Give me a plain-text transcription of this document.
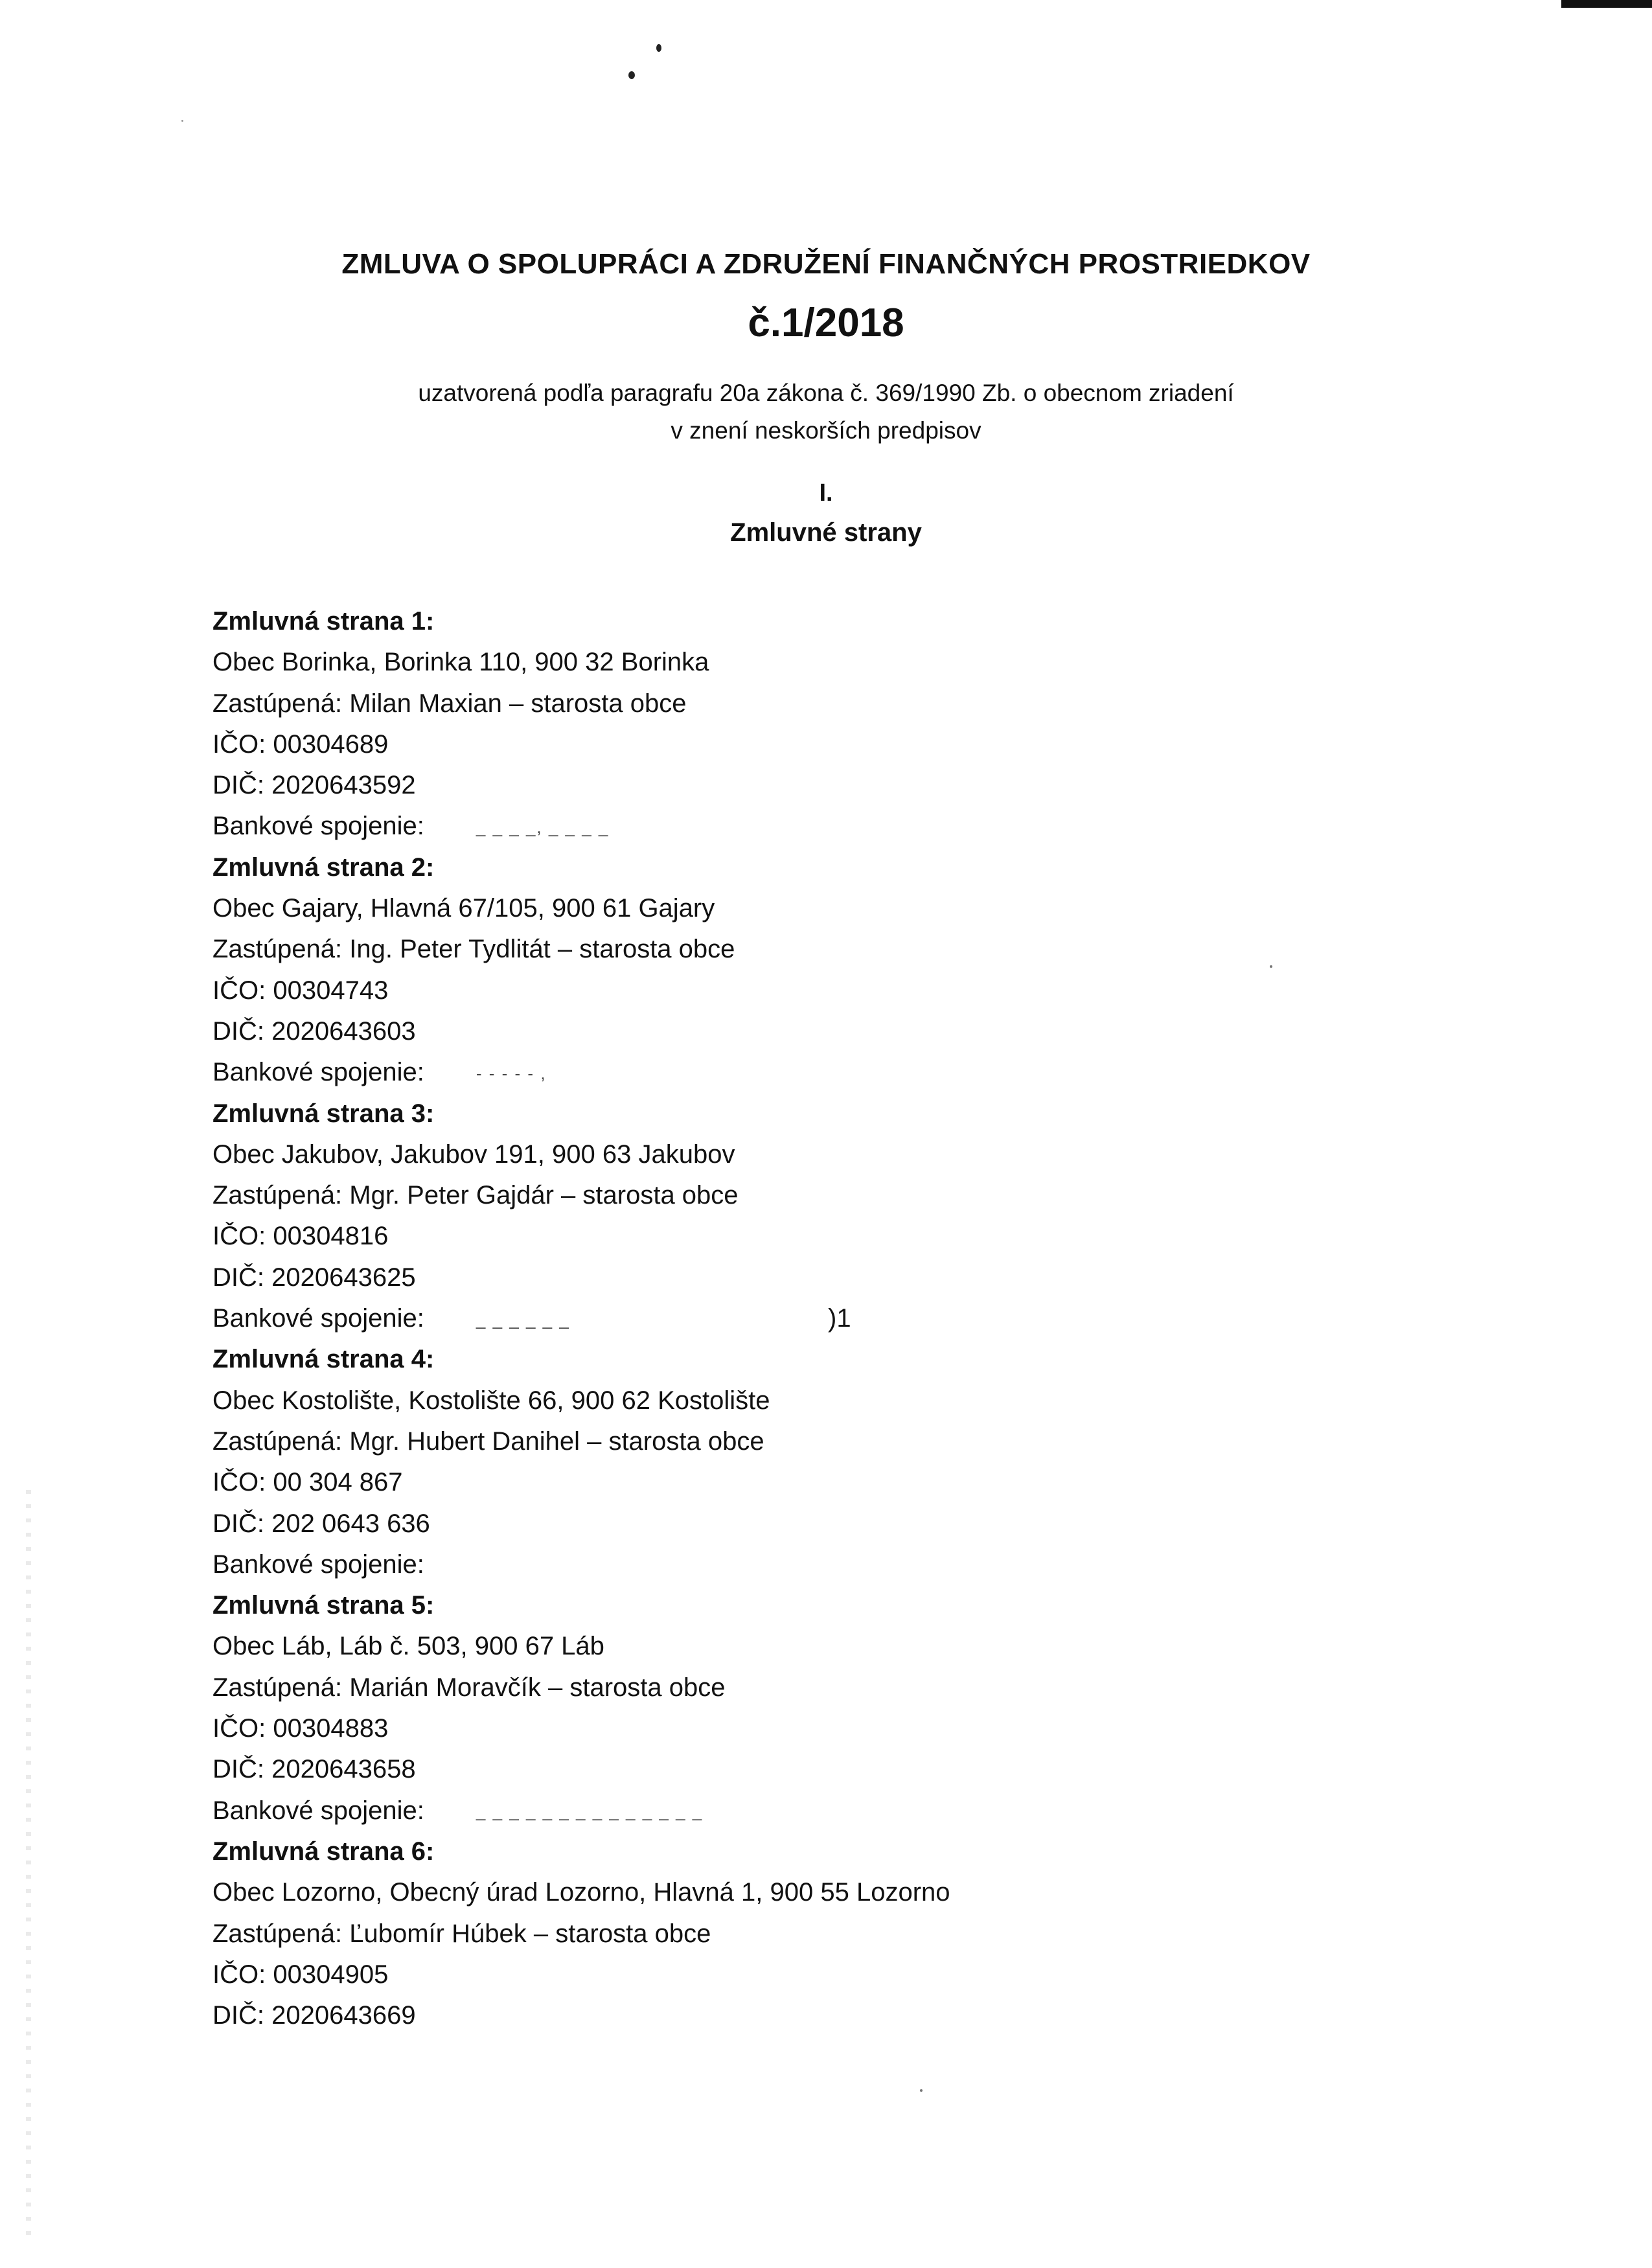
ZMLUVA O SPOLUPRÁCI A ZDRUŽENÍ FINANČNÝCH PROSTRIEDKOV
č.1/2018
uzatvorená podľa paragrafu 20a zákona č. 369/1990 Zb. o obecnom zriadení
v znení neskorších predpisov
I.
Zmluvné strany
Zmluvná strana 1:
Obec Borinka, Borinka 110, 900 32 Borinka
Zastúpená: Milan Maxian – starosta obce
IČO: 00304689
DIČ: 2020643592
Bankové spojenie:	_ _ _ _, _ _ _ _
Zmluvná strana 2:
Obec Gajary, Hlavná 67/105, 900 61 Gajary
Zastúpená: Ing. Peter Tydlitát – starosta obce
IČO: 00304743
DIČ: 2020643603
Bankové spojenie:	- - - - - ,
Zmluvná strana 3:
Obec Jakubov, Jakubov 191, 900 63 Jakubov
Zastúpená: Mgr. Peter Gajdár – starosta obce
IČO: 00304816
DIČ: 2020643625
Bankové spojenie:	_ _ _ _ _ _	)1
Zmluvná strana 4:
Obec Kostolište, Kostolište 66, 900 62 Kostolište
Zastúpená: Mgr. Hubert Danihel – starosta obce
IČO: 00 304 867
DIČ: 202 0643 636
Bankové spojenie:
Zmluvná strana 5:
Obec Láb, Láb č. 503, 900 67 Láb
Zastúpená: Marián Moravčík – starosta obce
IČO: 00304883
DIČ: 2020643658
Bankové spojenie:	_ _ _ _ _ _ _ _ _ _ _ _ _ _
Zmluvná strana 6:
Obec Lozorno, Obecný úrad Lozorno, Hlavná 1, 900 55 Lozorno
Zastúpená: Ľubomír Húbek – starosta obce
IČO: 00304905
DIČ: 2020643669
